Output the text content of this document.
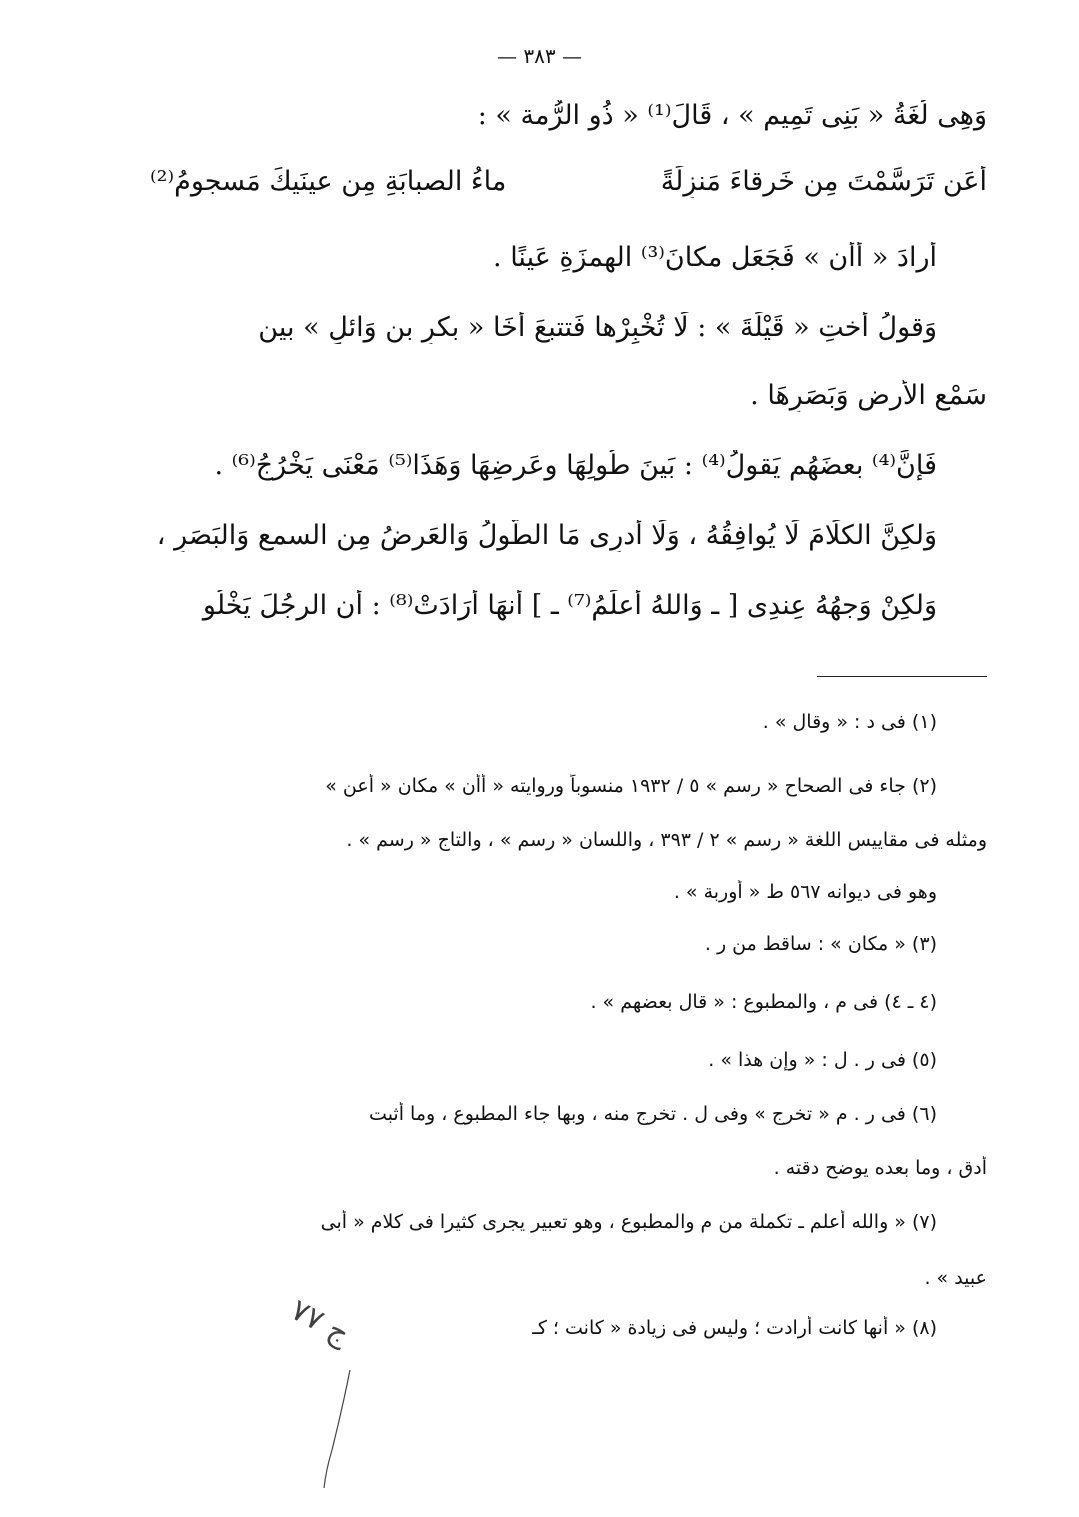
— ٣٨٣ —
وَهِى لُغَةُ « بَنِى تَمِيم » ، قَالَ⁽¹⁾ « ذُو الرُّمة » :
أَعَن تَرَسَّمْتَ مِن خَرقاءَ مَنزِلَةً
ماءُ الصبابَةِ مِن عينَيكَ مَسجومُ⁽²⁾
أَرادَ « أَأَن » فَجَعَل مكانَ⁽³⁾ الهمزَةِ عَينًا .
وَقولُ أُختِ « قَيْلَةَ » : لَا تُخْبِرْها فَتتبعَ أخَا « بكرِ بن وَائلٍ » بين
سَمْعِ الأَرضِ وَبَصَرِهَا .
فَإِنَّ⁽⁴⁾ بعضَهُم يَقولُ⁽⁴⁾ : بَينَ طُولِهَا وعَرضِهَا وَهَذَا⁽⁵⁾ مَعْنَى يَخْرُجُ⁽⁶⁾ .
وَلكِنَّ الكلَامَ لَا يُوافِقُهُ ، وَلَا أَدرِى مَا الطُّولُ وَالعَرضُ مِن السمعِ وَالبَصَرِ ،
وَلكِنْ وَجهُهُ عِندِى [ ـ وَاللهُ أَعلَمُ⁽⁷⁾ ـ ] أَنهَا أَرَادَتْ⁽⁸⁾ : أَن الرجُلَ يَخْلُو
(١) فى د : « وقال » .
(٢) جاء فى الصحاح « رسم » ٥ / ١٩٣٢ منسوباً وروايته « أأن » مكان « أعن »
ومثله فى مقاييس اللغة « رسم » ٢ / ٣٩٣ ، واللسان « رسم » ، والتاج « رسم » .
وهو فى ديوانه ٥٦٧ ط « أوربة » .
(٣) « مكان » : ساقط من ر .
(٤ ـ ٤) فى م ، والمطبوع : « قال بعضهم » .
(٥) فى ر . ل : « وإن هذا » .
(٦) فى ر . م « تخرج » وفى ل . تخرج منه ، وبها جاء المطبوع ، وما أثبت
أدق ، وما بعده يوضح دقته .
(٧) « والله أعلم ـ تكملة من م والمطبوع ، وهو تعبير يجرى كثيرا فى كلام « أبى
عبيد » .
(٨) « أنها كانت أرادت ؛ وليس فى زيادة « كانت ؛ كـ
ج ٧٧
